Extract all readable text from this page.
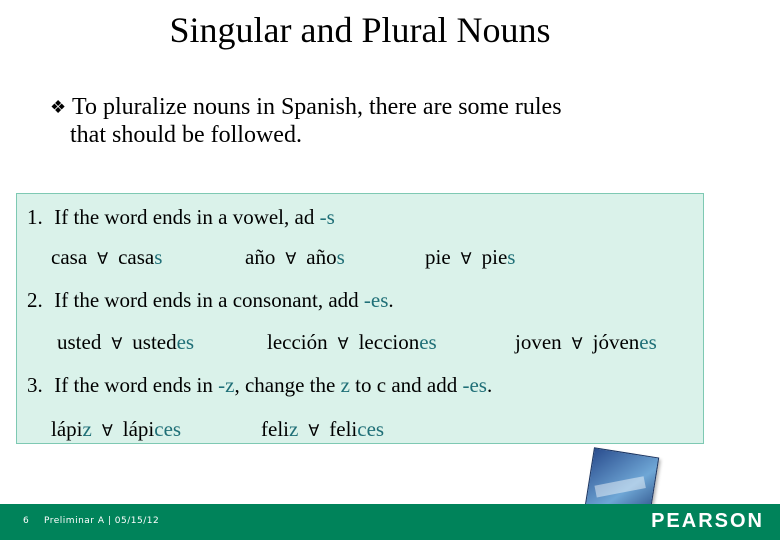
Singular and Plural Nouns
❖ To pluralize nouns in Spanish, there are some rules
that should be followed.
1. If the word ends in a vowel, ad -s
casa ∀ casas	año ∀ años	pie ∀ pies
2. If the word ends in a consonant, add -es.
usted ∀ ustedes	lección ∀ lecciones	joven ∀ jóvenes
3. If the word ends in -z, change the z to c and add -es.
lápiz ∀ lápices	feliz ∀ felices
6 Preliminar A | 05/15/12	PEARSON
